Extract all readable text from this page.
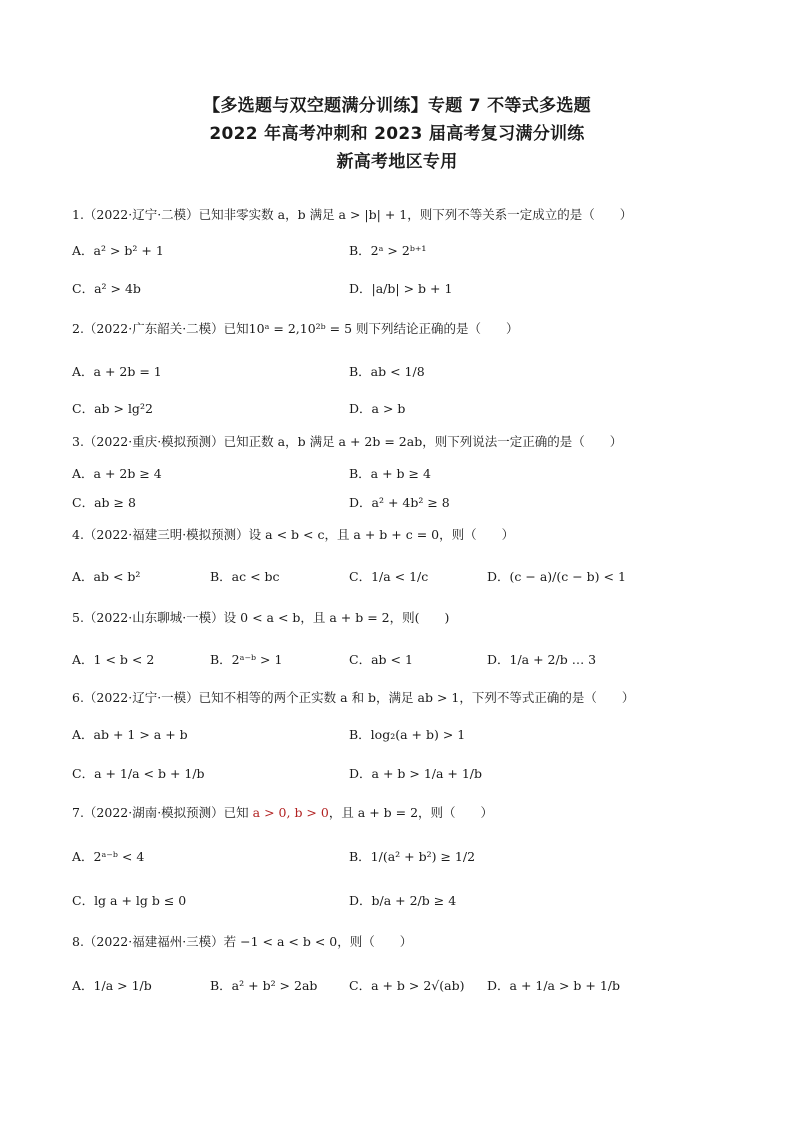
【多选题与双空题满分训练】专题 7 不等式多选题
2022 年高考冲刺和 2023 届高考复习满分训练
新高考地区专用
1.（2022·辽宁·二模）已知非零实数 a，b 满足 a > |b| + 1，则下列不等关系一定成立的是（　　）
A．a² > b² + 1	B．2ᵃ > 2ᵇ⁺¹
C．a² > 4b	D．|a/b| > b + 1
2.（2022·广东韶关·二模）已知10ᵃ = 2,10²ᵇ = 5 则下列结论正确的是（　　）
A．a + 2b = 1	B．ab < 1/8
C．ab > lg²2	D．a > b
3.（2022·重庆·模拟预测）已知正数 a，b 满足 a + 2b = 2ab，则下列说法一定正确的是（　　）
A．a + 2b ≥ 4	B．a + b ≥ 4
C．ab ≥ 8	D．a² + 4b² ≥ 8
4.（2022·福建三明·模拟预测）设 a < b < c，且 a + b + c = 0，则（　　）
A．ab < b²	B．ac < bc	C．1/a < 1/c	D．(c − a)/(c − b) < 1
5.（2022·山东聊城·一模）设 0 < a < b，且 a + b = 2，则(　　)
A．1 < b < 2	B．2ᵃ⁻ᵇ > 1	C．ab < 1	D．1/a + 2/b … 3
6.（2022·辽宁·一模）已知不相等的两个正实数 a 和 b，满足 ab > 1，下列不等式正确的是（　　）
A．ab + 1 > a + b	B．log₂(a + b) > 1
C．a + 1/a < b + 1/b	D．a + b > 1/a + 1/b
7.（2022·湖南·模拟预测）已知 a > 0, b > 0，且 a + b = 2，则（　　）
A．2ᵃ⁻ᵇ < 4	B．1/(a² + b²) ≥ 1/2
C．lg a + lg b ≤ 0	D．b/a + 2/b ≥ 4
8.（2022·福建福州·三模）若 −1 < a < b < 0，则（　　）
A．1/a > 1/b	B．a² + b² > 2ab	C．a + b > 2√(ab) D．a + 1/a > b + 1/b
